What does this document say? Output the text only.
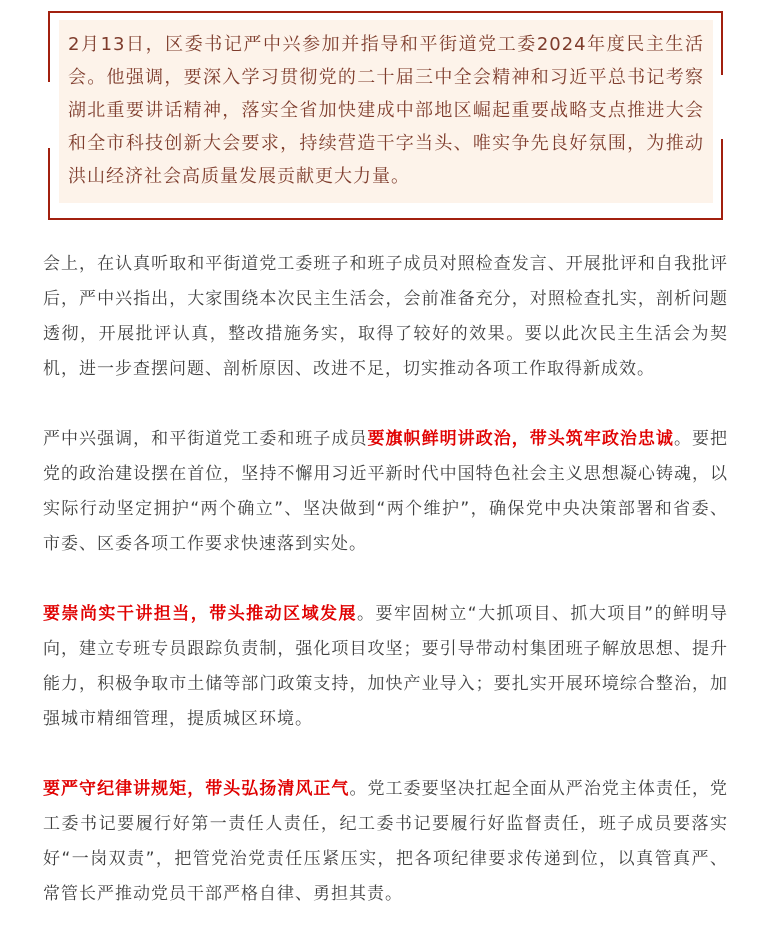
2月13日，区委书记严中兴参加并指导和平街道党工委2024年度民主生活会。他强调，要深入学习贯彻党的二十届三中全会精神和习近平总书记考察湖北重要讲话精神，落实全省加快建成中部地区崛起重要战略支点推进大会和全市科技创新大会要求，持续营造干字当头、唯实争先良好氛围，为推动洪山经济社会高质量发展贡献更大力量。

会上，在认真听取和平街道党工委班子和班子成员对照检查发言、开展批评和自我批评后，严中兴指出，大家围绕本次民主生活会，会前准备充分，对照检查扎实，剖析问题透彻，开展批评认真，整改措施务实，取得了较好的效果。要以此次民主生活会为契机，进一步查摆问题、剖析原因、改进不足，切实推动各项工作取得新成效。

严中兴强调，和平街道党工委和班子成员要旗帜鲜明讲政治，带头筑牢政治忠诚。要把党的政治建设摆在首位，坚持不懈用习近平新时代中国特色社会主义思想凝心铸魂，以实际行动坚定拥护“两个确立”、坚决做到“两个维护”，确保党中央决策部署和省委、市委、区委各项工作要求快速落到实处。

要崇尚实干讲担当，带头推动区域发展。要牢固树立“大抓项目、抓大项目”的鲜明导向，建立专班专员跟踪负责制，强化项目攻坚；要引导带动村集团班子解放思想、提升能力，积极争取市土储等部门政策支持，加快产业导入；要扎实开展环境综合整治，加强城市精细管理，提质城区环境。

要严守纪律讲规矩，带头弘扬清风正气。党工委要坚决扛起全面从严治党主体责任，党工委书记要履行好第一责任人责任，纪工委书记要履行好监督责任，班子成员要落实好“一岗双责”，把管党治党责任压紧压实，把各项纪律要求传递到位，以真管真严、常管长严推动党员干部严格自律、勇担其责。
